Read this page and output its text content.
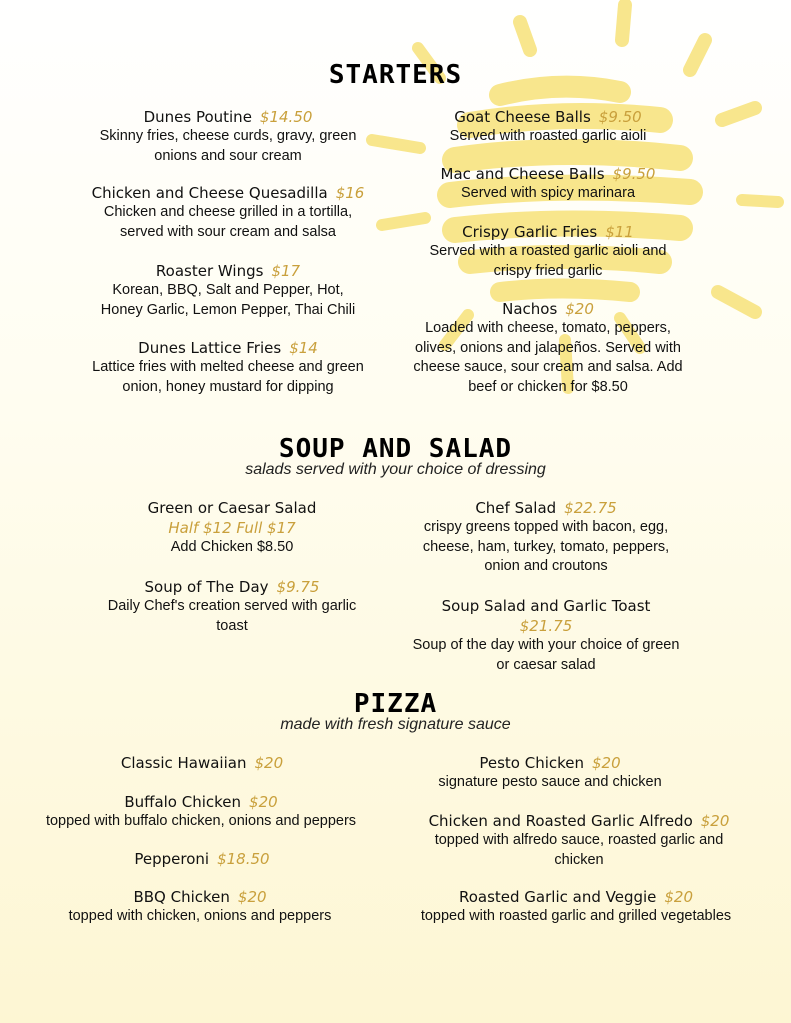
STARTERS
Dunes Poutine $14.50
Skinny fries, cheese curds, gravy, green onions and sour cream
Chicken and Cheese Quesadilla $16
Chicken and cheese grilled in a tortilla, served with sour cream and salsa
Roaster Wings $17
Korean, BBQ, Salt and Pepper, Hot, Honey Garlic, Lemon Pepper, Thai Chili
Dunes Lattice Fries $14
Lattice fries with melted cheese and green onion, honey mustard for dipping
Goat Cheese Balls $9.50
Served with roasted garlic aioli
Mac and Cheese Balls $9.50
Served with spicy marinara
Crispy Garlic Fries $11
Served with a roasted garlic aioli and crispy fried garlic
Nachos $20
Loaded with cheese, tomato, peppers, olives, onions and jalapeños. Served with cheese sauce, sour cream and salsa. Add beef or chicken for $8.50
SOUP AND SALAD
salads served with your choice of dressing
Green or Caesar Salad
Half $12 Full $17
Add Chicken $8.50
Soup of The Day $9.75
Daily Chef's creation served with garlic toast
Chef Salad $22.75
crispy greens topped with bacon, egg, cheese, ham, turkey, tomato, peppers, onion and croutons
Soup Salad and Garlic Toast
$21.75
Soup of the day with your choice of green or caesar salad
PIZZA
made with fresh signature sauce
Classic Hawaiian $20
Buffalo Chicken $20
topped with buffalo chicken, onions and peppers
Pepperoni $18.50
BBQ Chicken $20
topped with chicken, onions and peppers
Pesto Chicken $20
signature pesto sauce and chicken
Chicken and Roasted Garlic Alfredo $20
topped with alfredo sauce, roasted garlic and chicken
Roasted Garlic and Veggie $20
topped with roasted garlic and grilled vegetables
